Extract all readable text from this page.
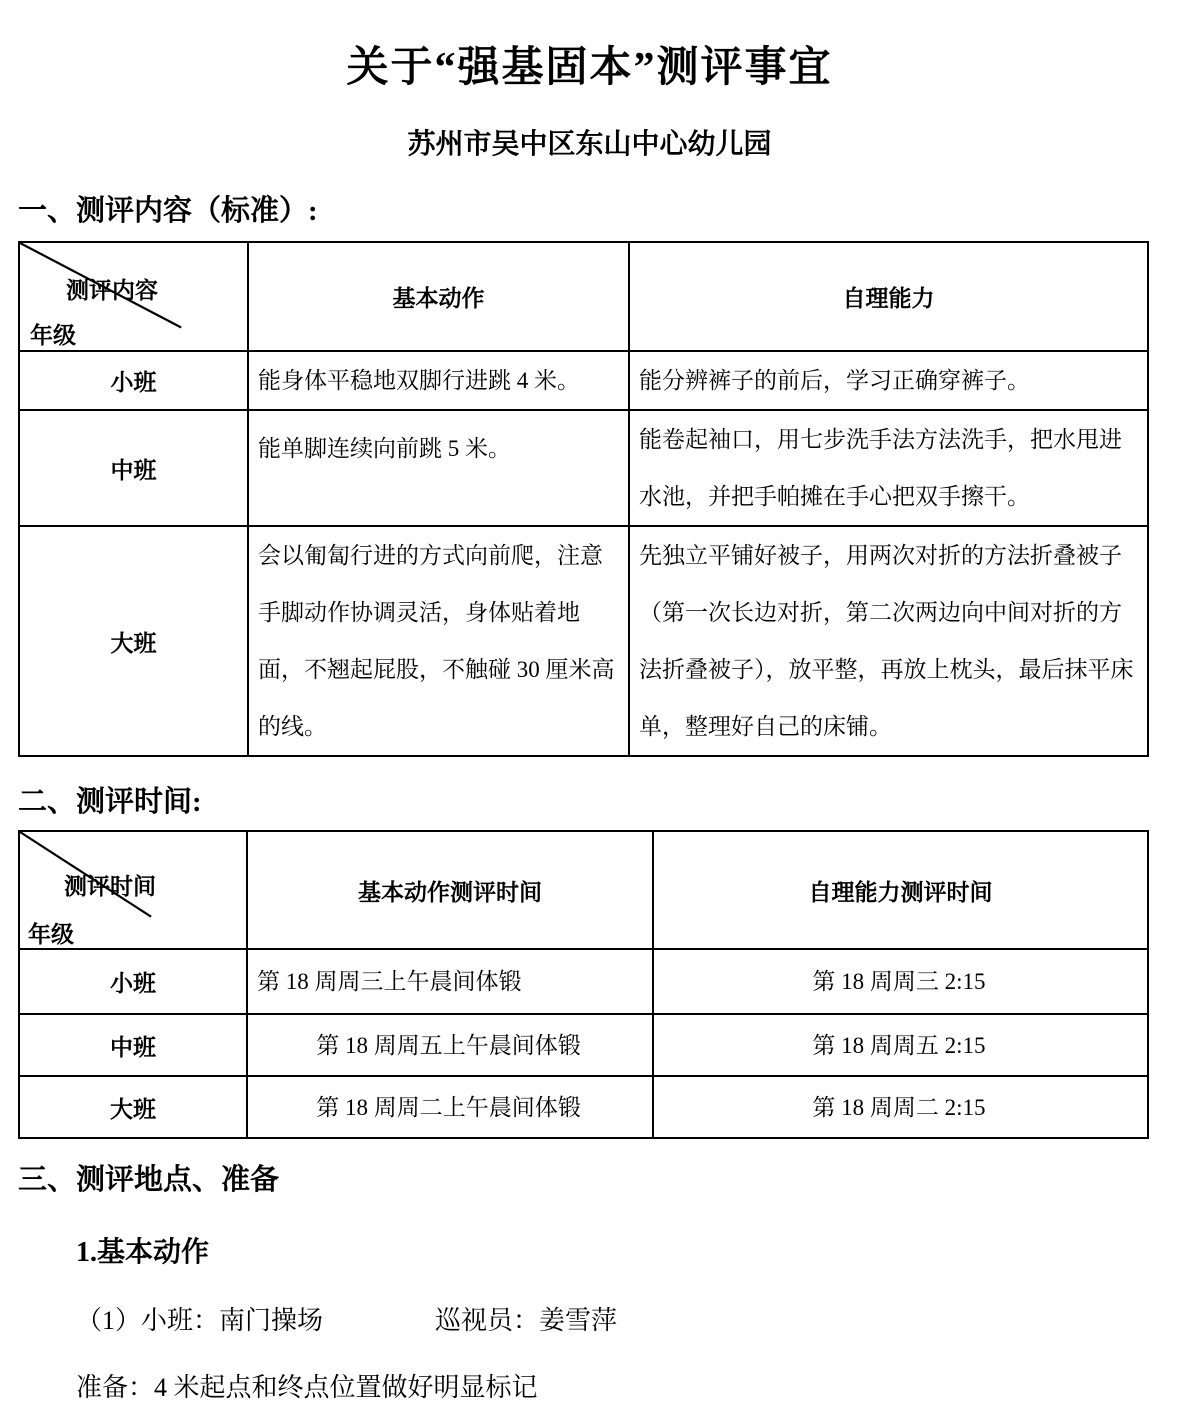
关于“强基固本”测评事宜
苏州市吴中区东山中心幼儿园
一、测评内容（标准）:
测评内容
年级	基本动作	自理能力
小班	能身体平稳地双脚行进跳 4 米。	能分辨裤子的前后，学习正确穿裤子。
中班	能单脚连续向前跳 5 米。	能卷起袖口，用七步洗手法方法洗手，把水甩进水池，并把手帕摊在手心把双手擦干。
大班	会以匍匐行进的方式向前爬，注意手脚动作协调灵活，身体贴着地面，不翘起屁股，不触碰 30 厘米高的线。	先独立平铺好被子，用两次对折的方法折叠被子（第一次长边对折，第二次两边向中间对折的方法折叠被子），放平整，再放上枕头，最后抹平床单，整理好自己的床铺。
二、测评时间:
测评时间
年级	基本动作测评时间	自理能力测评时间
小班	第 18 周周三上午晨间体锻	第 18 周周三 2:15
中班	第 18 周周五上午晨间体锻	第 18 周周五 2:15
大班	第 18 周周二上午晨间体锻	第 18 周周二 2:15
三、测评地点、准备
1.基本动作
（1）小班：南门操场	巡视员：姜雪萍
准备：4 米起点和终点位置做好明显标记
